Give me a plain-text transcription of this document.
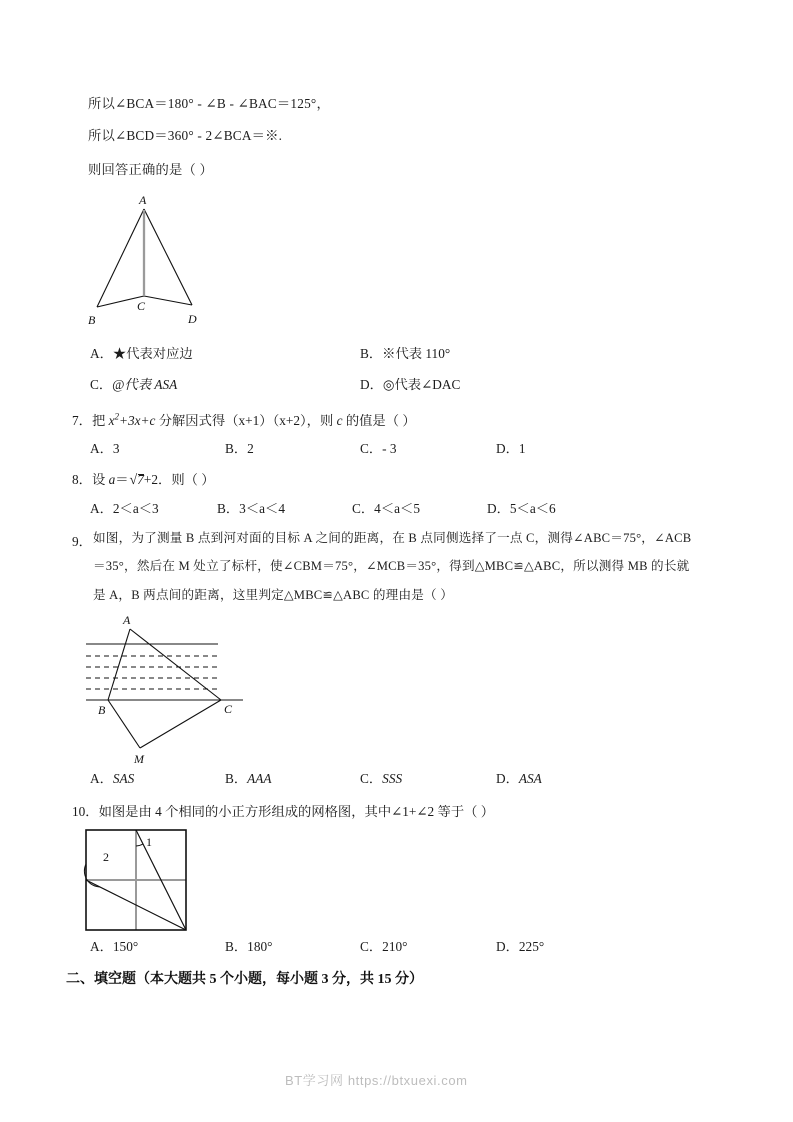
所以∠BCA＝180° - ∠B - ∠BAC＝125°，
所以∠BCD＝360° - 2∠BCA＝※.
则回答正确的是（ ）
A
B
C
D
A．★代表对应边	B．※代表 110°
C．@代表 ASA	D．◎代表∠DAC
7．把 $x^2+3x+c$ 分解因式得（x+1）（x+2），则 c 的值是（ ）
A．3	B．2	C．- 3	D．1
8．设 a＝
√7+2．则（ ）
A．2＜a＜3	B．3＜a＜4	C．4＜a＜5	D．5＜a＜6
9． 如图，为了测量 B 点到河对面的目标 A 之间的距离，在 B 点同侧选择了一点 C，测得∠ABC＝75°，∠ACB
＝35°，然后在 M 处立了标杆，使∠CBM＝75°，∠MCB＝35°，得到△MBC≌△ABC，所以测得 MB 的长就
是 A，B 两点间的距离，这里判定△MBC≌△ABC 的理由是（ ）
A
B	C
M
A．SAS	B．AAA	C．SSS	D．ASA
10．如图是由 4 个相同的小正方形组成的网格图，其中∠1+∠2 等于（ ）
1
2
A．150°	B．180°	C．210°	D．225°
二、填空题（本大题共 5 个小题，每小题 3 分，共 15 分）
BT学习网 https://btxuexi.com
